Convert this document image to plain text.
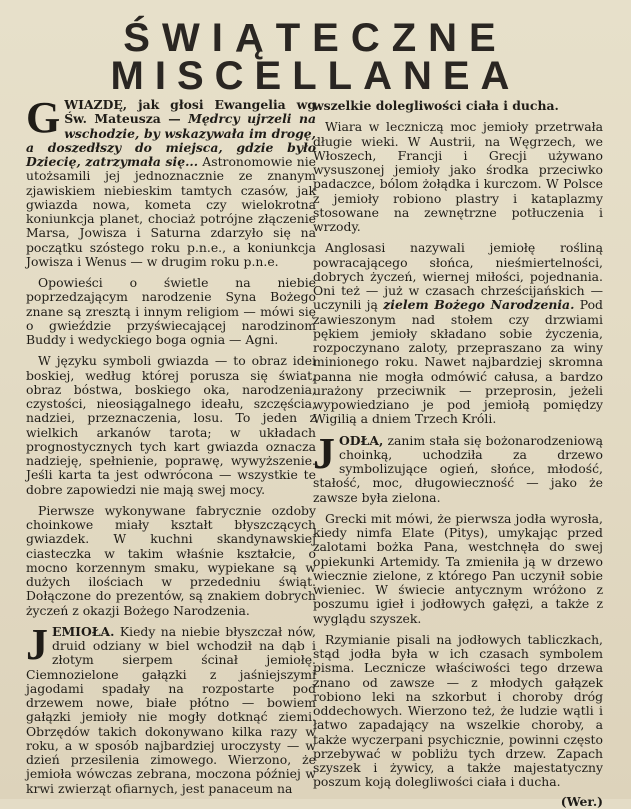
ŚWIĄTECZNE
MISCELLANEA

GWIAZDĘ, jak głosi Ewangelia wg Św. Mateusza — Mędrcy ujrzeli na wschodzie, by wskazywała im drogę, a doszedłszy do miejsca, gdzie było Dziecię, zatrzymała się... Astronomowie nie utożsamili jej jednoznacznie ze znanym zjawiskiem niebieskim tamtych czasów, jak gwiazda nowa, kometa czy wielokrotna koniunkcja planet, chociaż potrójne złączenie Marsa, Jowisza i Saturna zdarzyło się na początku szóstego roku p.n.e., a koniunkcja Jowisza i Wenus — w drugim roku p.n.e.

Opowieści o świetle na niebie poprzedzającym narodzenie Syna Bożego znane są zresztą i innym religiom — mówi się o gwieździe przyświecającej narodzinom Buddy i wedyckiego boga ognia — Agni.

W języku symboli gwiazda — to obraz idei boskiej, według której porusza się świat, obraz bóstwa, boskiego oka, narodzenia, czystości, nieosiągalnego ideału, szczęścia, nadziei, przeznaczenia, losu. To jeden z wielkich arkanów tarota; w układach prognostycznych tych kart gwiazda oznacza nadzieję, spełnienie, poprawę, wywyższenie. Jeśli karta ta jest odwrócona — wszystkie te dobre zapowiedzi nie mają swej mocy.

Pierwsze wykonywane fabrycznie ozdoby choinkowe miały kształt błyszczących gwiazdek. W kuchni skandynawskiej ciasteczka w takim właśnie kształcie, o mocno korzennym smaku, wypiekane są w dużych ilościach w przededniu świąt. Dołączone do prezentów, są znakiem dobrych życzeń z okazji Bożego Narodzenia.

JEMIOŁA. Kiedy na niebie błyszczał nów, druid odziany w biel wchodził na dąb i złotym sierpem ścinał jemiołę. Ciemnozielone gałązki z jaśniejszymi jagodami spadały na rozpostarte pod drzewem nowe, białe płótno — bowiem gałązki jemioły nie mogły dotknąć ziemi. Obrzędów takich dokonywano kilka razy w roku, a w sposób najbardziej uroczysty — w dzień przesilenia zimowego. Wierzono, że jemioła wówczas zebrana, moczona później w krwi zwierząt ofiarnych, jest panaceum na

wszelkie dolegliwości ciała i ducha.

Wiara w leczniczą moc jemioły przetrwała długie wieki. W Austrii, na Węgrzech, we Włoszech, Francji i Grecji używano wysuszonej jemioły jako środka przeciwko padaczce, bólom żołądka i kurczom. W Polsce z jemioły robiono plastry i kataplazmy stosowane na zewnętrzne potłuczenia i wrzody.

Anglosasi nazywali jemiołę rośliną powracającego słońca, nieśmiertelności, dobrych życzeń, wiernej miłości, pojednania. Oni też — już w czasach chrześcijańskich — uczynili ją zielem Bożego Narodzenia. Pod zawieszonym nad stołem czy drzwiami pękiem jemioły składano sobie życzenia, rozpoczynano zaloty, przepraszano za winy minionego roku. Nawet najbardziej skromna panna nie mogła odmówić całusa, a bardzo urażony przeciwnik — przeprosin, jeżeli wypowiedziano je pod jemiołą pomiędzy Wigilią a dniem Trzech Króli.

JODŁA, zanim stała się bożonarodzeniową choinką, uchodziła za drzewo symbolizujące ogień, słońce, młodość, stałość, moc, długowieczność — jako że zawsze była zielona.

Grecki mit mówi, że pierwsza jodła wyrosła, kiedy nimfa Elate (Pitys), umykając przed zalotami bożka Pana, westchnęła do swej opiekunki Artemidy. Ta zmieniła ją w drzewo wiecznie zielone, z którego Pan uczynił sobie wieniec. W świecie antycznym wróżono z poszumu igieł i jodłowych gałęzi, a także z wyglądu szyszek.

Rzymianie pisali na jodłowych tabliczkach, stąd jodła była w ich czasach symbolem pisma. Lecznicze właściwości tego drzewa znano od zawsze — z młodych gałązek robiono leki na szkorbut i choroby dróg oddechowych. Wierzono też, że ludzie wątli i łatwo zapadający na wszelkie choroby, a także wyczerpani psychicznie, powinni często przebywać w pobliżu tych drzew. Zapach szyszek i żywicy, a także majestatyczny poszum koją dolegliwości ciała i ducha.

(Wer.)
